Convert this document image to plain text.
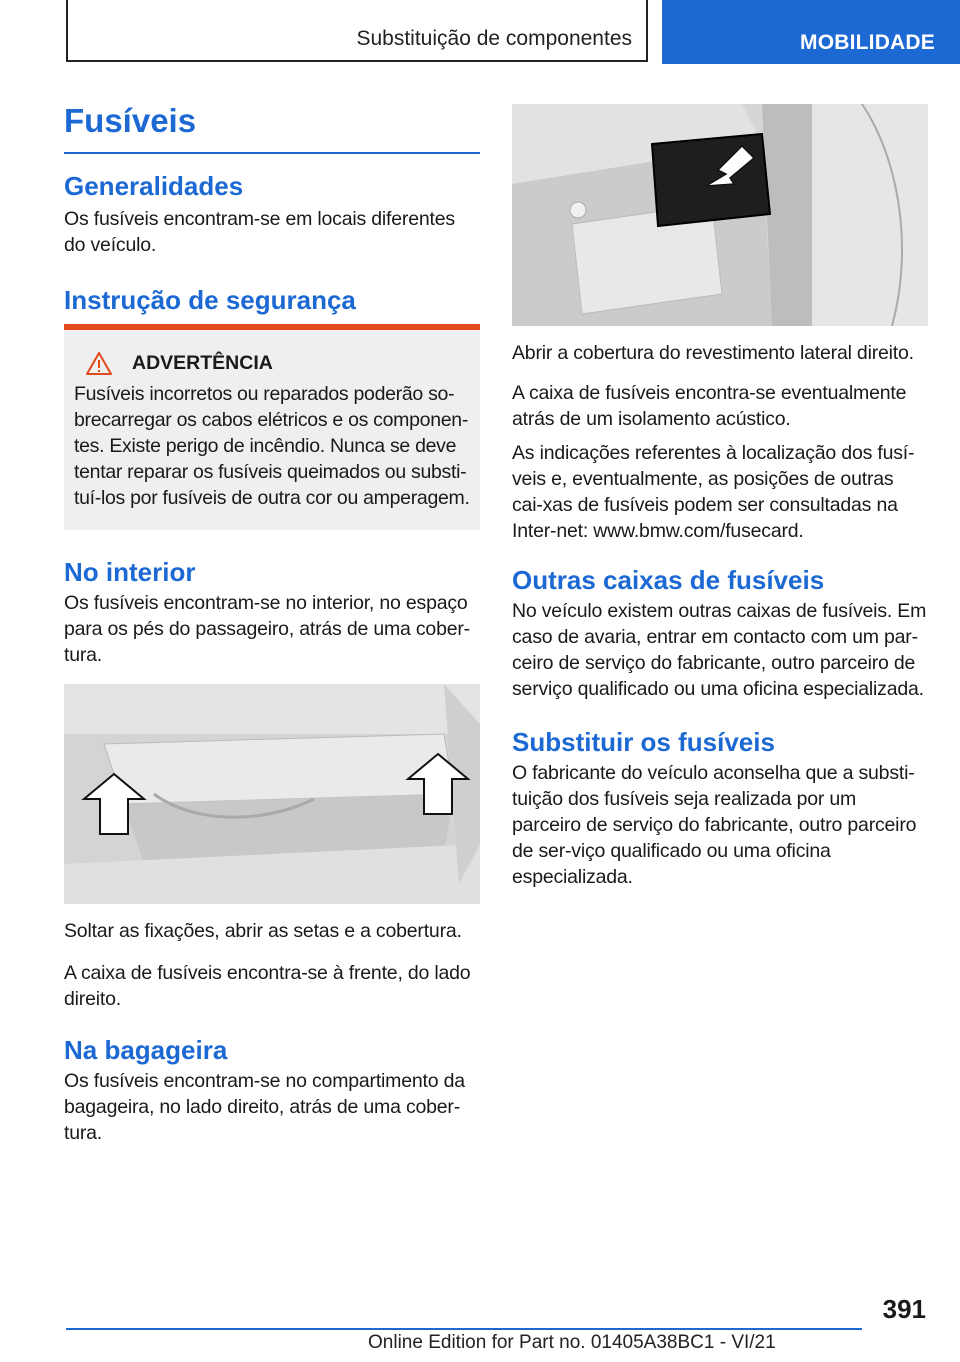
Substituição de componentes	MOBILIDADE
Fusíveis
Generalidades

Os fusíveis encontram-se em locais diferentes do veículo.

Instrução de segurança
ADVERTÊNCIA
Fusíveis incorretos ou reparados poderão so-brecarregar os cabos elétricos e os componen-tes. Existe perigo de incêndio. Nunca se deve tentar reparar os fusíveis queimados ou substi-tuí-los por fusíveis de outra cor ou amperagem.
No interior

Os fusíveis encontram-se no interior, no espaço para os pés do passageiro, atrás de uma cober-tura.

Soltar as fixações, abrir as setas e a cobertura.

A caixa de fusíveis encontra-se à frente, do lado direito.

Na bagageira

Os fusíveis encontram-se no compartimento da bagageira, no lado direito, atrás de uma cober-tura.

Abrir a cobertura do revestimento lateral direito.

A caixa de fusíveis encontra-se eventualmente atrás de um isolamento acústico.

As indicações referentes à localização dos fusí-veis e, eventualmente, as posições de outras cai-xas de fusíveis podem ser consultadas na Inter-net: www.bmw.com/fusecard.

Outras caixas de fusíveis

No veículo existem outras caixas de fusíveis. Em caso de avaria, entrar em contacto com um par-ceiro de serviço do fabricante, outro parceiro de serviço qualificado ou uma oficina especializada.

Substituir os fusíveis

O fabricante do veículo aconselha que a substi-tuição dos fusíveis seja realizada por um parceiro de serviço do fabricante, outro parceiro de ser-viço qualificado ou uma oficina especializada.

391
Online Edition for Part no. 01405A38BC1 - VI/21
